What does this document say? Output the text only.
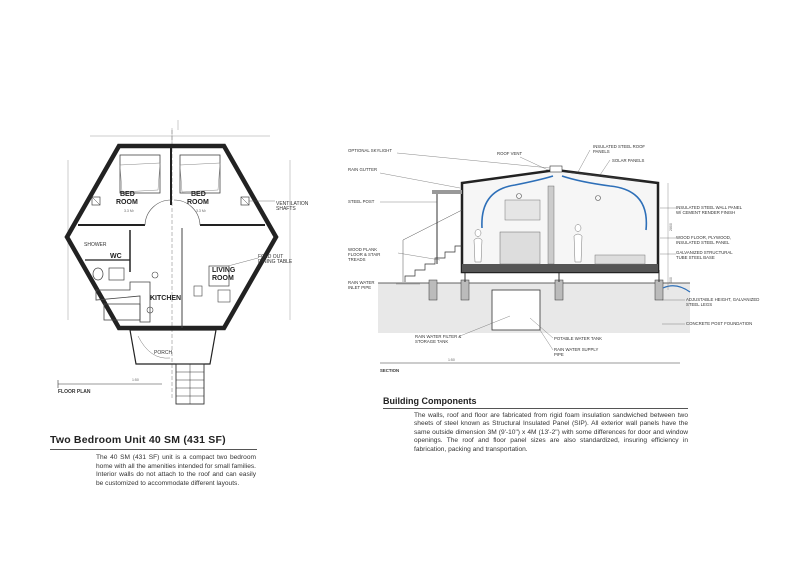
BED ROOM
BED ROOM
3.3 M²	3.3 M²
WC
SHOWER
LIVING ROOM
KITCHEN
PORCH
VENTILATION SHAFTS
FOLD OUT DINING TABLE
FLOOR PLAN
1:50
OPTIONAL SKYLIGHT
RAIN GUTTER
STEEL POST
WOOD PLANK FLOOR & STAIR TREADS
RAIN WATER INLET PIPE
ROOF VENT
INSULATED STEEL ROOF PANELS
SOLAR PANELS
INSULATED STEEL WALL PANEL W/ CEMENT RENDER FINISH
WOOD FLOOR, PLYWOOD, INSULATED STEEL PANEL
GALVANIZED STRUCTURAL TUBE STEEL BASE
ADJUSTABLE HEIGHT, GALVANIZED STEEL LEGS
CONCRETE POST FOUNDATION
RAIN WATER FILTER & STORAGE TANK
POTABLE WATER TANK
RAIN WATER SUPPLY PIPE
SECTION
1:50
2800
600
Two Bedroom Unit 40 SM (431 SF)
The 40 SM (431 SF) unit is a compact two bedroom home with all the amenities intended for small families. Interior walls do not attach to the roof and can easily be customized to accommodate different layouts.
Building Components
The walls, roof and floor are fabricated from rigid foam insulation sandwiched between two sheets of steel known as Structural Insulated Panel (SIP). All exterior wall panels have the same outside dimension 3M (9'-10") x 4M (13'-2") with some differences for door and window openings. The roof and floor panel sizes are also standardized, insuring efficiency in fabrication, packing and transportation.
